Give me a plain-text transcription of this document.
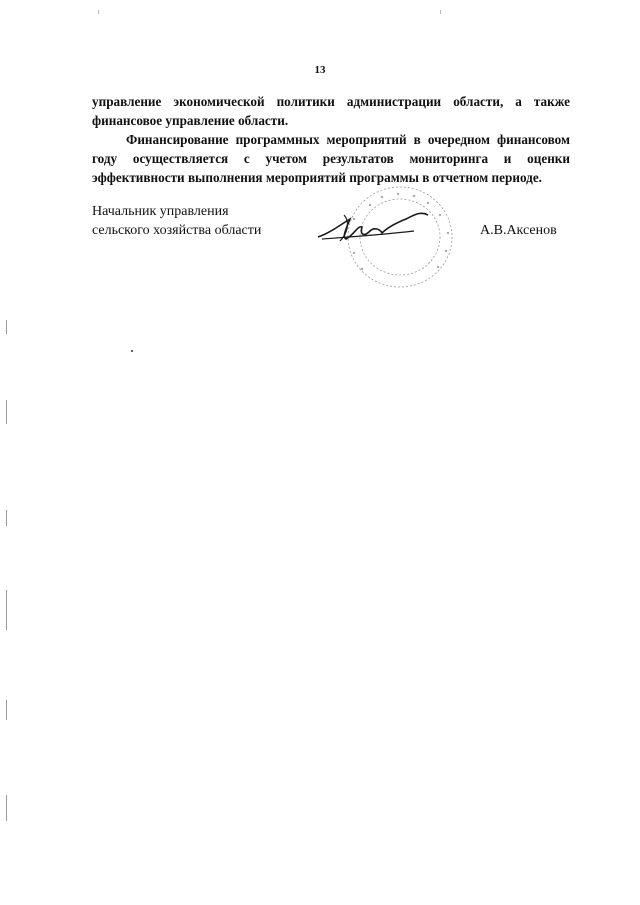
13

управление экономической политики администрации области, а также финансовое управление области.

Финансирование программных мероприятий в очередном финансовом году осуществляется с учетом результатов мониторинга и оценки эффективности выполнения мероприятий программы в отчетном периоде.

Начальник управления
сельского хозяйства области	А.В.Аксенов
